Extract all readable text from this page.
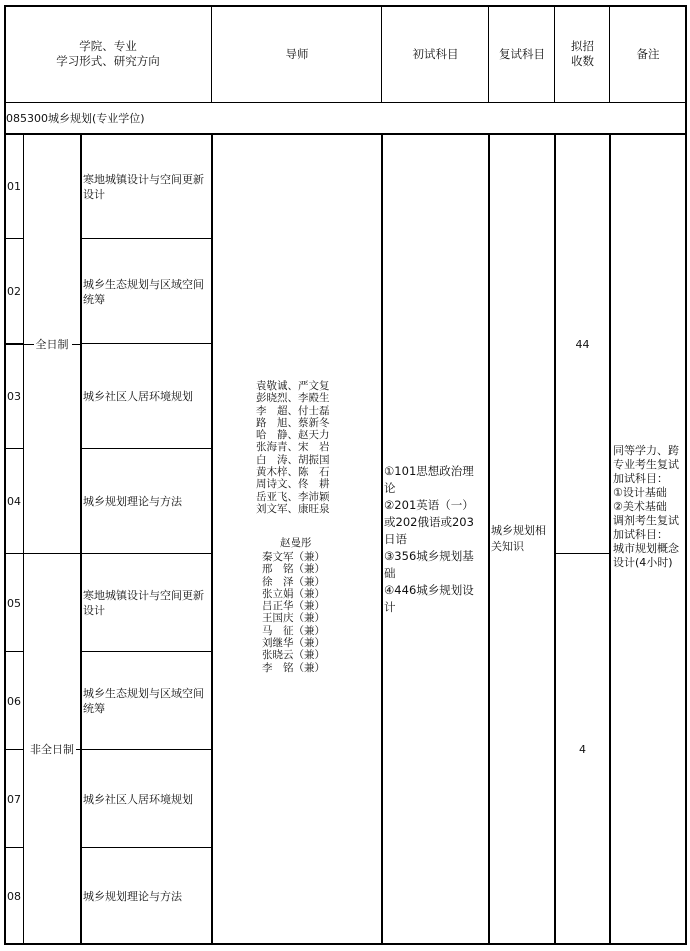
学院、专业
学习形式、研究方向
导师	初试科目	复试科目
拟招
收数
备注
085300城乡规划(专业学位)
01
02
03
04
05
06
07
08
全日制
非全日制
寒地城镇设计与空间更新设计
城乡生态规划与区域空间统筹
城乡社区人居环境规划
城乡规划理论与方法
寒地城镇设计与空间更新设计
城乡生态规划与区域空间统筹
城乡社区人居环境规划
城乡规划理论与方法
袁敬诚、严文复
彭晓烈、李殿生
李　超、付士磊
路　旭、蔡新冬
哈　静、赵天力
张海青、宋　岩
白　涛、胡振国
黄木梓、陈　石
周诗文、佟　耕
岳亚飞、李沛颖
刘文军、康旺泉
赵曼彤
秦文军（兼）
邢　铭（兼）
徐　泽（兼）
张立娟（兼）
吕正华（兼）
王国庆（兼）
马　征（兼）
刘继华（兼）
张晓云（兼）
李　铭（兼）
①101思想政治理论
②201英语（一）或202俄语或203日语
③356城乡规划基础
④446城乡规划设计
城乡规划相关知识
44
4
同等学力、跨专业考生复试加试科目：
①设计基础
②美术基础
调剂考生复试加试科目：
城市规划概念设计(4小时)
